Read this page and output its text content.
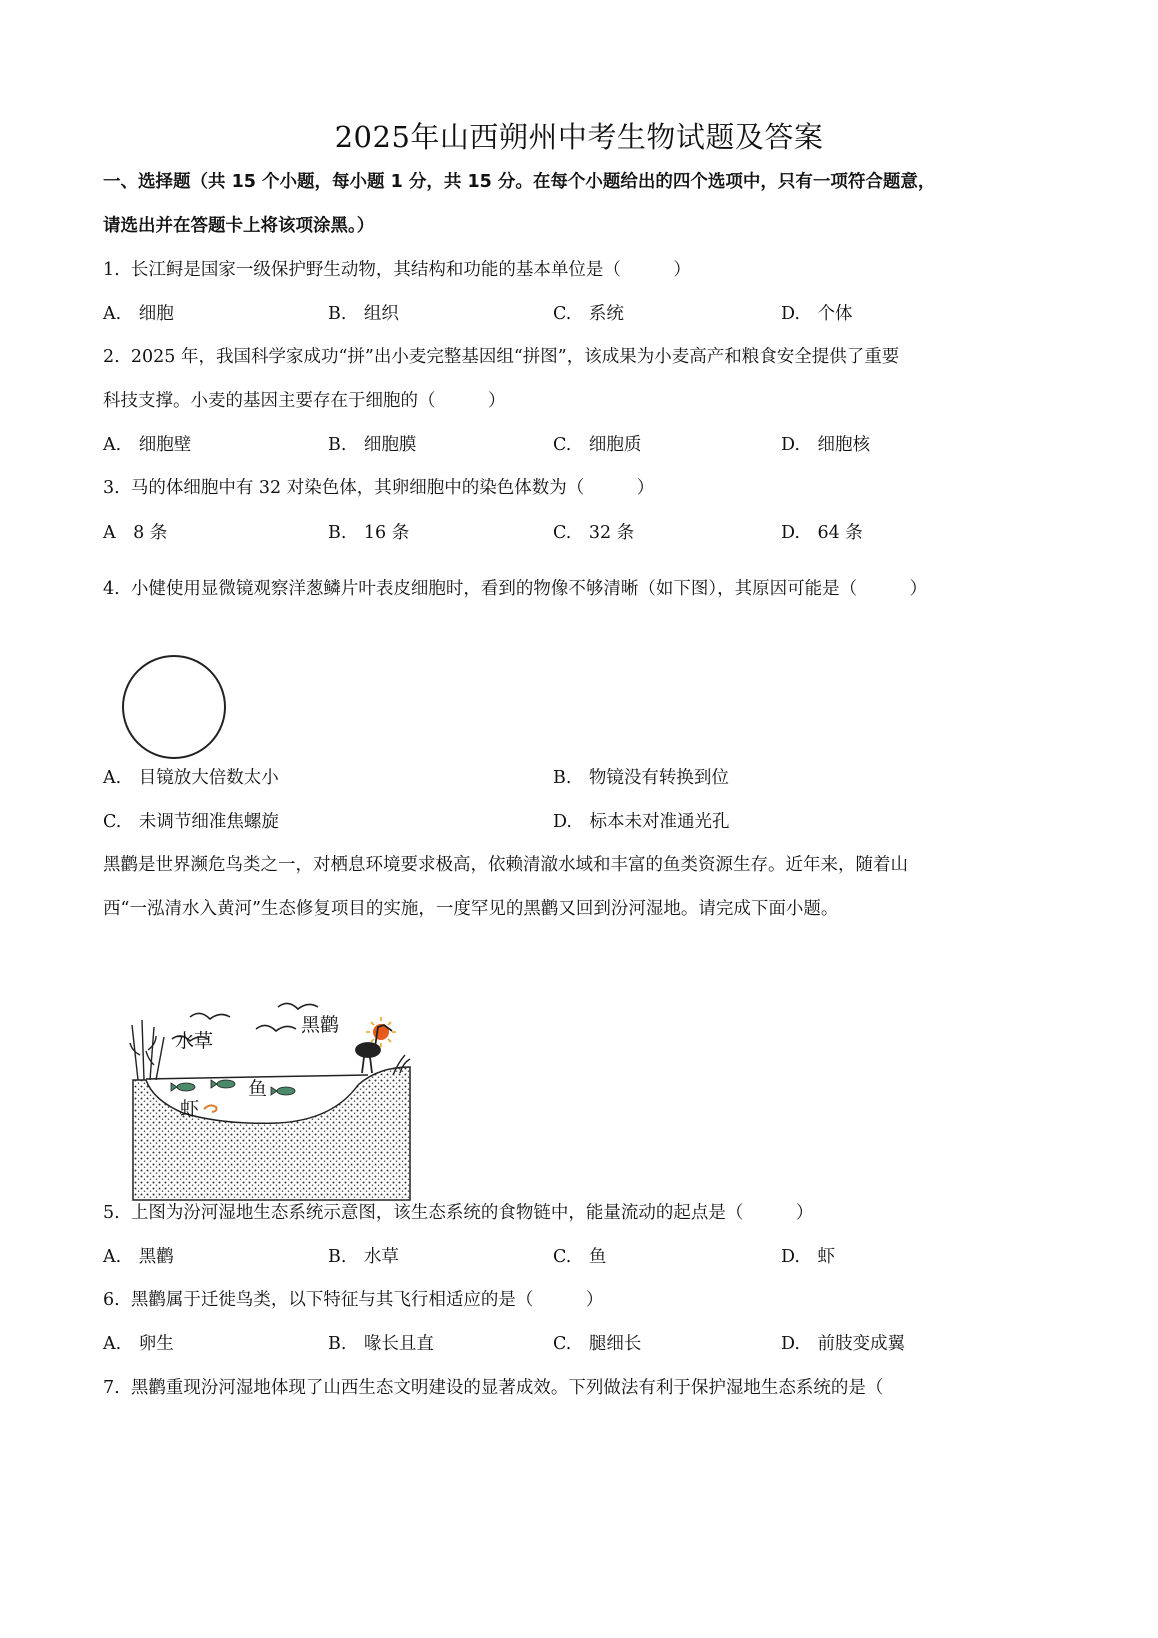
2025年山西朔州中考生物试题及答案
一、选择题（共 15 个小题，每小题 1 分，共 15 分。在每个小题给出的四个选项中，只有一项符合题意，
请选出并在答题卡上将该项涂黑。）
1. 长江鲟是国家一级保护野生动物，其结构和功能的基本单位是（　　　）
A.　细胞	B.　组织	C.　系统	D.　个体
2. 2025 年，我国科学家成功“拼”出小麦完整基因组“拼图”，该成果为小麦高产和粮食安全提供了重要
科技支撑。小麦的基因主要存在于细胞的（　　　）
A.　细胞壁	B.　细胞膜	C.　细胞质	D.　细胞核
3. 马的体细胞中有 32 对染色体，其卵细胞中的染色体数为（　　　）
A　8 条	B.　16 条	C.　32 条	D.　64 条
4. 小健使用显微镜观察洋葱鳞片叶表皮细胞时，看到的物像不够清晰（如下图），其原因可能是（　　　）
A.　目镜放大倍数太小	B.　物镜没有转换到位
C.　未调节细准焦螺旋	D.　标本未对准通光孔
黑鹳是世界濒危鸟类之一，对栖息环境要求极高，依赖清澈水域和丰富的鱼类资源生存。近年来，随着山
西“一泓清水入黄河”生态修复项目的实施，一度罕见的黑鹳又回到汾河湿地。请完成下面小题。
水草
黑鹳
鱼
虾
5. 上图为汾河湿地生态系统示意图，该生态系统的食物链中，能量流动的起点是（　　　）
A.　黑鹳	B.　水草	C.　鱼	D.　虾
6. 黑鹳属于迁徙鸟类，以下特征与其飞行相适应的是（　　　）
A.　卵生	B.　喙长且直	C.　腿细长	D.　前肢变成翼
7. 黑鹳重现汾河湿地体现了山西生态文明建设的显著成效。下列做法有利于保护湿地生态系统的是（
